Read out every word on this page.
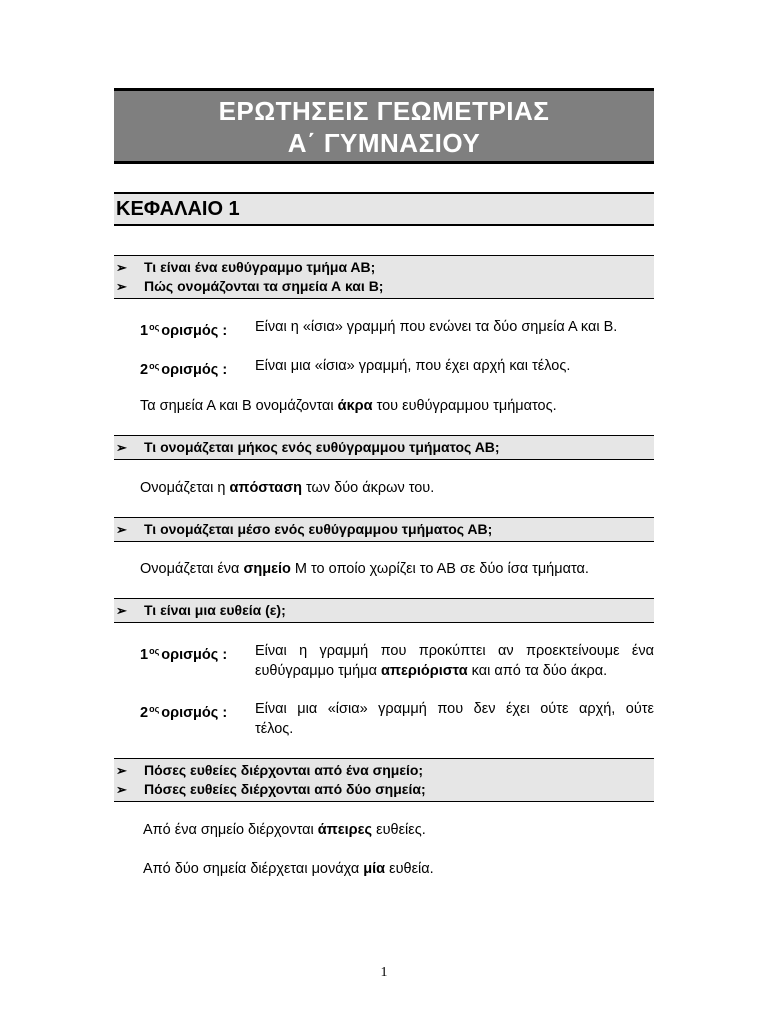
ΕΡΩΤΗΣΕΙΣ ΓΕΩΜΕΤΡΙΑΣ
Α΄ ΓΥΜΝΑΣΙΟΥ
ΚΕΦΑΛΑΙΟ 1
➢ Τι είναι ένα ευθύγραμμο τμήμα ΑΒ;
➢ Πώς ονομάζονται τα σημεία Α και Β;
$1^{o\varsigma}$ ορισμός : Είναι η «ίσια» γραμμή που ενώνει τα δύο σημεία Α και Β.
$2^{o\varsigma}$ ορισμός : Είναι μια «ίσια» γραμμή, που έχει αρχή και τέλος.
Τα σημεία Α και Β ονομάζονται άκρα του ευθύγραμμου τμήματος.
➢ Τι ονομάζεται μήκος ενός ευθύγραμμου τμήματος ΑΒ;
Ονομάζεται η απόσταση των δύο άκρων του.
➢ Τι ονομάζεται μέσο ενός ευθύγραμμου τμήματος ΑΒ;
Ονομάζεται ένα σημείο Μ το οποίο χωρίζει το ΑΒ σε δύο ίσα τμήματα.
➢ Τι είναι μια ευθεία (ε);
$1^{o\varsigma}$ ορισμός : Είναι η γραμμή που προκύπτει αν προεκτείνουμε ένα
ευθύγραμμο τμήμα απεριόριστα και από τα δύο άκρα.
$2^{o\varsigma}$ ορισμός : Είναι μια «ίσια» γραμμή που δεν έχει ούτε αρχή, ούτε
τέλος.
➢ Πόσες ευθείες διέρχονται από ένα σημείο;
➢ Πόσες ευθείες διέρχονται από δύο σημεία;
Από ένα σημείο διέρχονται άπειρες ευθείες.
Από δύο σημεία διέρχεται μονάχα μία ευθεία.
1
